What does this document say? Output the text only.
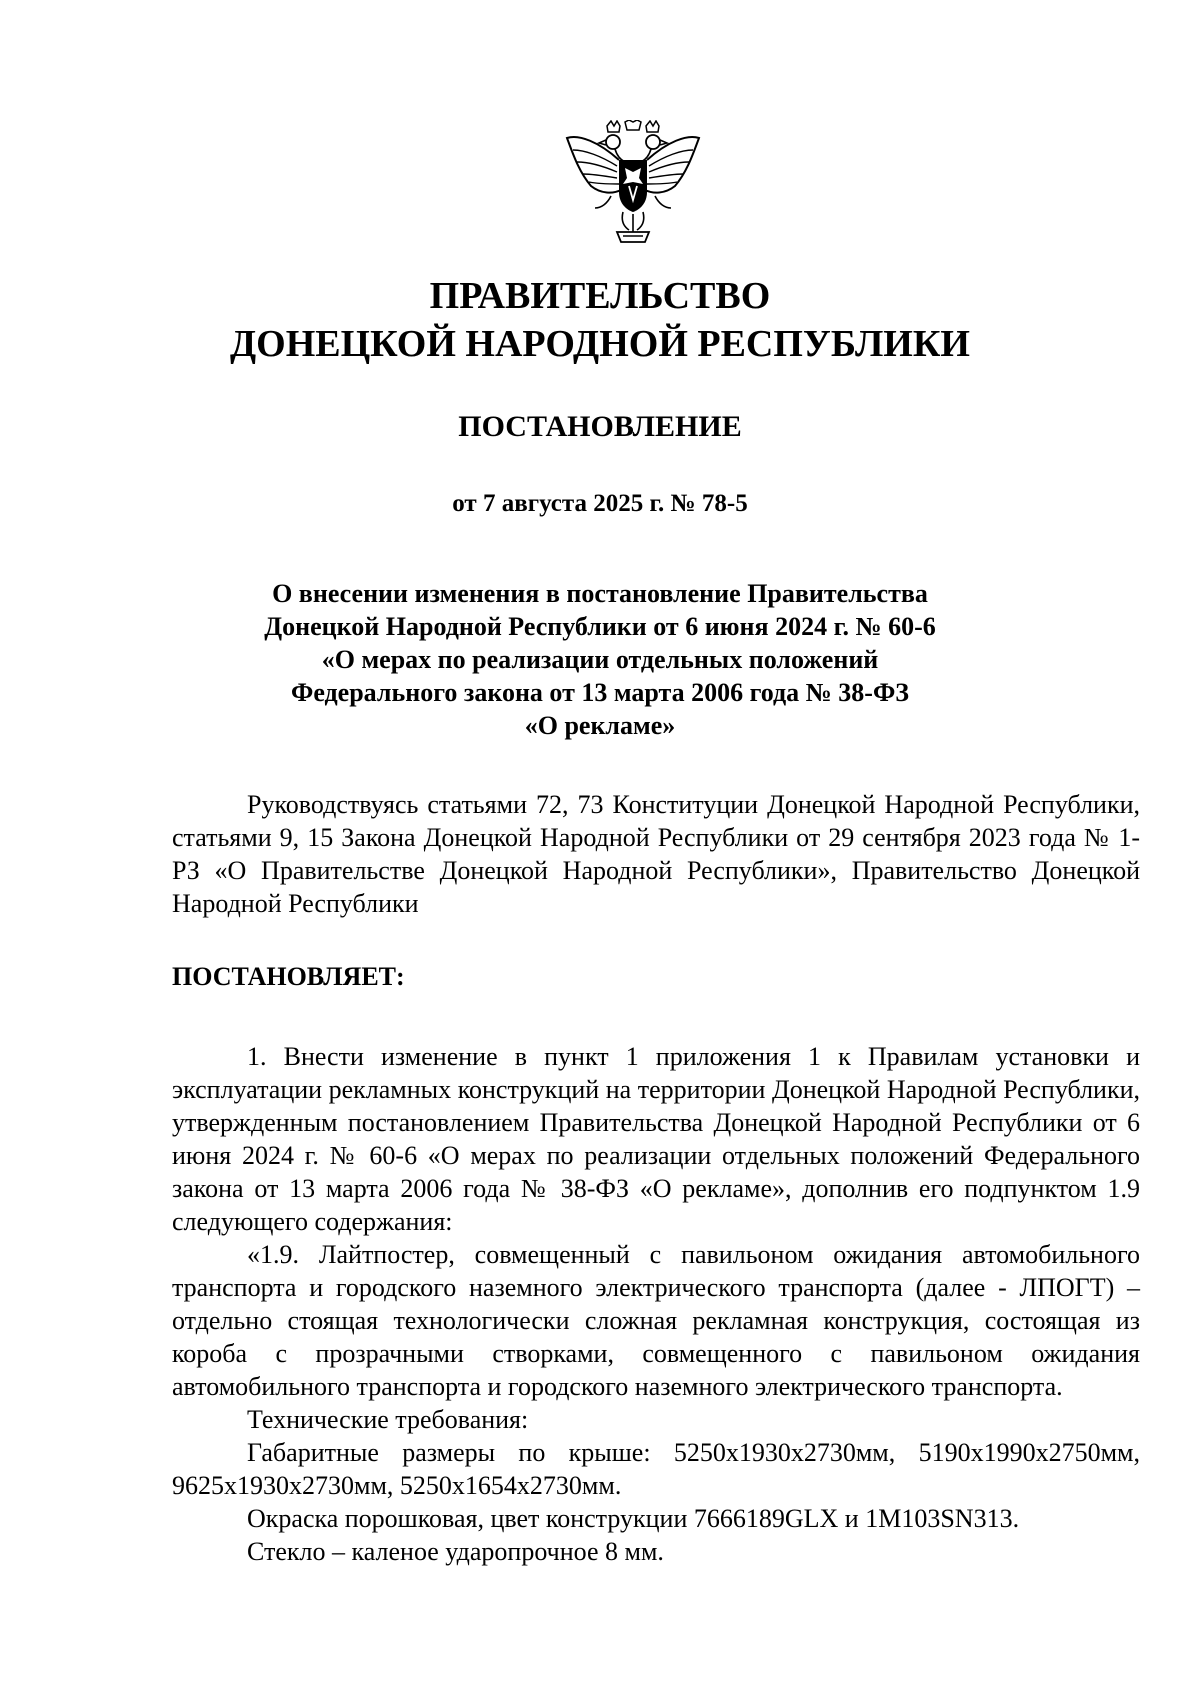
ПРАВИТЕЛЬСТВО
ДОНЕЦКОЙ НАРОДНОЙ РЕСПУБЛИКИ
ПОСТАНОВЛЕНИЕ
от 7 августа 2025 г. № 78-5
О внесении изменения в постановление Правительства
Донецкой Народной Республики от 6 июня 2024 г. № 60-6
«О мерах по реализации отдельных положений
Федерального закона от 13 марта 2006 года № 38-ФЗ
«О рекламе»

Руководствуясь статьями 72, 73 Конституции Донецкой Народной Республики, статьями 9, 15 Закона Донецкой Народной Республики от 29 сентября 2023 года № 1-РЗ «О Правительстве Донецкой Народной Республики», Правительство Донецкой Народной Республики

ПОСТАНОВЛЯЕТ:

1. Внести изменение в пункт 1 приложения 1 к Правилам установки и эксплуатации рекламных конструкций на территории Донецкой Народной Республики, утвержденным постановлением Правительства Донецкой Народной Республики от 6 июня 2024 г. № 60-6 «О мерах по реализации отдельных положений Федерального закона от 13 марта 2006 года № 38-ФЗ «О рекламе», дополнив его подпунктом 1.9 следующего содержания:

«1.9. Лайтпостер, совмещенный с павильоном ожидания автомобильного транспорта и городского наземного электрического транспорта (далее - ЛПОГТ) – отдельно стоящая технологически сложная рекламная конструкция, состоящая из короба с прозрачными створками, совмещенного с павильоном ожидания автомобильного транспорта и городского наземного электрического транспорта.

Технические требования:

Габаритные размеры по крыше: 5250х1930х2730мм, 5190х1990х2750мм, 9625х1930х2730мм, 5250х1654х2730мм.

Окраска порошковая, цвет конструкции 7666189GLX и 1M103SN313.

Стекло – каленое ударопрочное 8 мм.
